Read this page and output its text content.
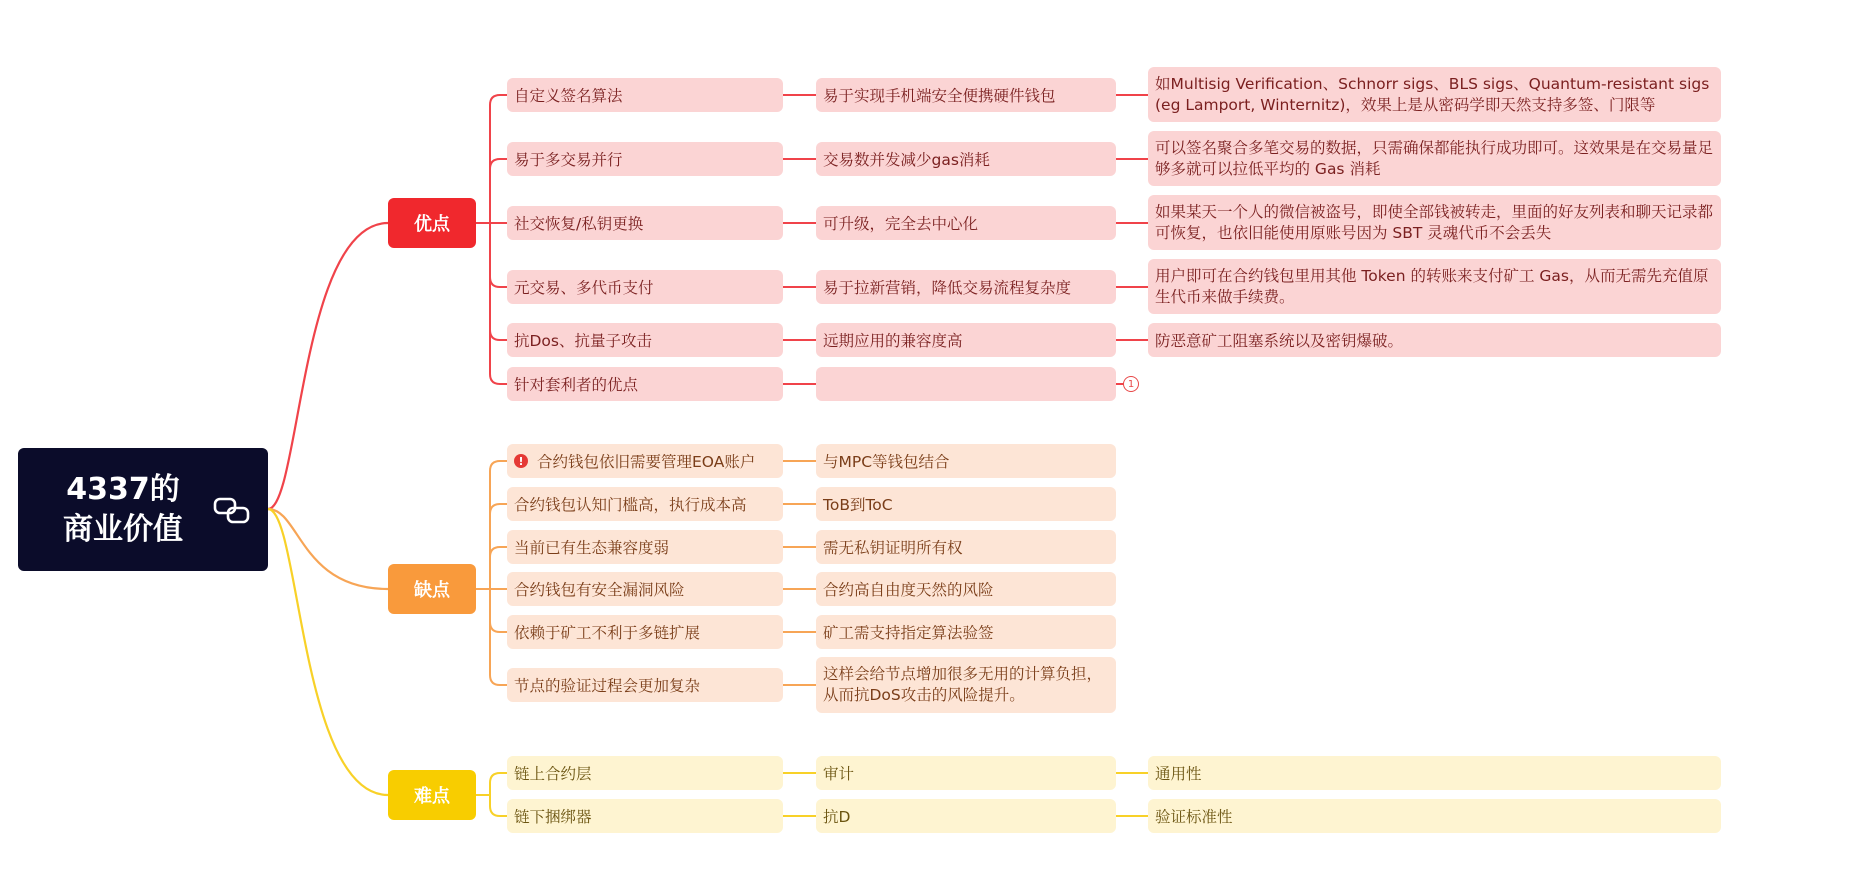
4337的
商业价值
优点
缺点
难点
自定义签名算法	易于实现手机端安全便携硬件钱包
如Multisig Verification、Schnorr sigs、BLS sigs、Quantum-resistant sigs (eg Lamport, Winternitz)，效果上是从密码学即天然支持多签、门限等
易于多交易并行	交易数并发减少gas消耗
可以签名聚合多笔交易的数据，只需确保都能执行成功即可。这效果是在交易量足够多就可以拉低平均的 Gas 消耗
社交恢复/私钥更换	可升级，完全去中心化
如果某天一个人的微信被盗号，即使全部钱被转走，里面的好友列表和聊天记录都可恢复，也依旧能使用原账号因为 SBT 灵魂代币不会丢失
元交易、多代币支付	易于拉新营销，降低交易流程复杂度
用户即可在合约钱包里用其他 Token 的转账来支付矿工 Gas，从而无需先充值原生代币来做手续费。
抗Dos、抗量子攻击	远期应用的兼容度高	防恶意矿工阻塞系统以及密钥爆破。
针对套利者的优点	1
! 合约钱包依旧需要管理EOA账户	与MPC等钱包结合
合约钱包认知门槛高，执行成本高	ToB到ToC
当前已有生态兼容度弱	需无私钥证明所有权
合约钱包有安全漏洞风险	合约高自由度天然的风险
依赖于矿工不利于多链扩展	矿工需支持指定算法验签
节点的验证过程会更加复杂
这样会给节点增加很多无用的计算负担，从而抗DoS攻击的风险提升。
链上合约层	审计	通用性
链下捆绑器	抗D	验证标准性
